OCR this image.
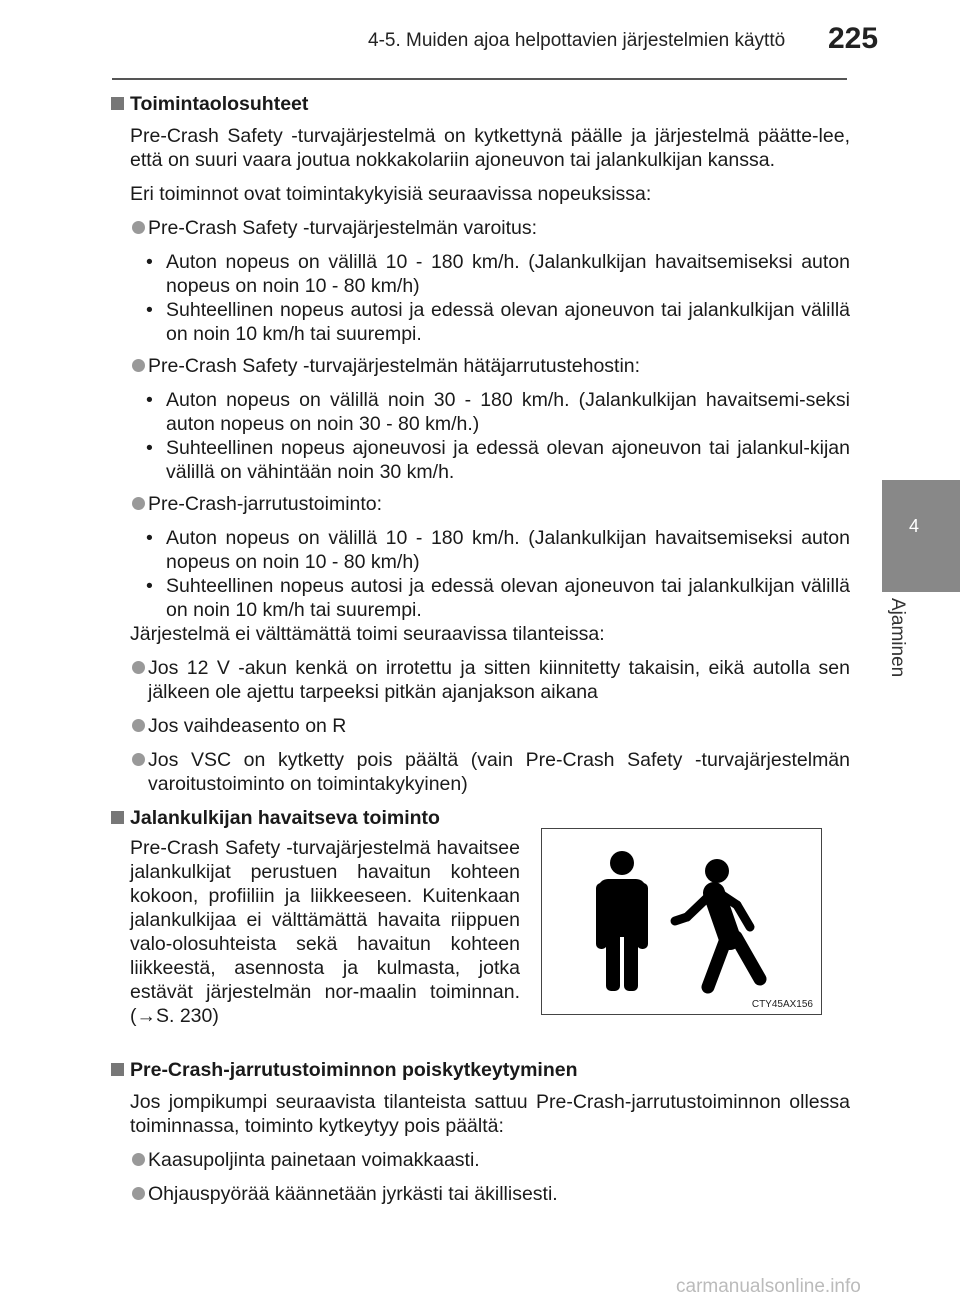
4-5. Muiden ajoa helpottavien järjestelmien käyttö 225
4
Ajaminen

Toimintaolosuhteet

Pre-Crash Safety -turvajärjestelmä on kytkettynä päälle ja järjestelmä päätte-lee, että on suuri vaara joutua nokkakolariin ajoneuvon tai jalankulkijan kanssa.

Eri toiminnot ovat toimintakykyisiä seuraavissa nopeuksissa:

Pre-Crash Safety -turvajärjestelmän varoitus:

• Auton nopeus on välillä 10 - 180 km/h. (Jalankulkijan havaitsemiseksi auton nopeus on noin 10 - 80 km/h)

• Suhteellinen nopeus autosi ja edessä olevan ajoneuvon tai jalankulkijan välillä on noin 10 km/h tai suurempi.

Pre-Crash Safety -turvajärjestelmän hätäjarrutustehostin:

• Auton nopeus on välillä noin 30 - 180 km/h. (Jalankulkijan havaitsemi-seksi auton nopeus on noin 30 - 80 km/h.)

• Suhteellinen nopeus ajoneuvosi ja edessä olevan ajoneuvon tai jalankul-kijan välillä on vähintään noin 30 km/h.

Pre-Crash-jarrutustoiminto:

• Auton nopeus on välillä 10 - 180 km/h. (Jalankulkijan havaitsemiseksi auton nopeus on noin 10 - 80 km/h)

• Suhteellinen nopeus autosi ja edessä olevan ajoneuvon tai jalankulkijan välillä on noin 10 km/h tai suurempi.

Järjestelmä ei välttämättä toimi seuraavissa tilanteissa:

Jos 12 V -akun kenkä on irrotettu ja sitten kiinnitetty takaisin, eikä autolla sen jälkeen ole ajettu tarpeeksi pitkän ajanjakson aikana

Jos vaihdeasento on R

Jos VSC on kytketty pois päältä (vain Pre-Crash Safety -turvajärjestelmän varoitustoiminto on toimintakykyinen)

Jalankulkijan havaitseva toiminto

Pre-Crash Safety -turvajärjestelmä havaitsee jalankulkijat perustuen havaitun kohteen kokoon, profiiliin ja liikkeeseen. Kuitenkaan jalankulkijaa ei välttämättä havaita riippuen valo-olosuhteista sekä havaitun kohteen liikkeestä, asennosta ja kulmasta, jotka estävät järjestelmän nor-maalin toiminnan. (→S. 230)

Pre-Crash-jarrutustoiminnon poiskytkeytyminen

Jos jompikumpi seuraavista tilanteista sattuu Pre-Crash-jarrutustoiminnon ollessa toiminnassa, toiminto kytkeytyy pois päältä:

Kaasupoljinta painetaan voimakkaasti.

Ohjauspyörää käännetään jyrkästi tai äkillisesti.

CTY45AX156
carmanualsonline.info
